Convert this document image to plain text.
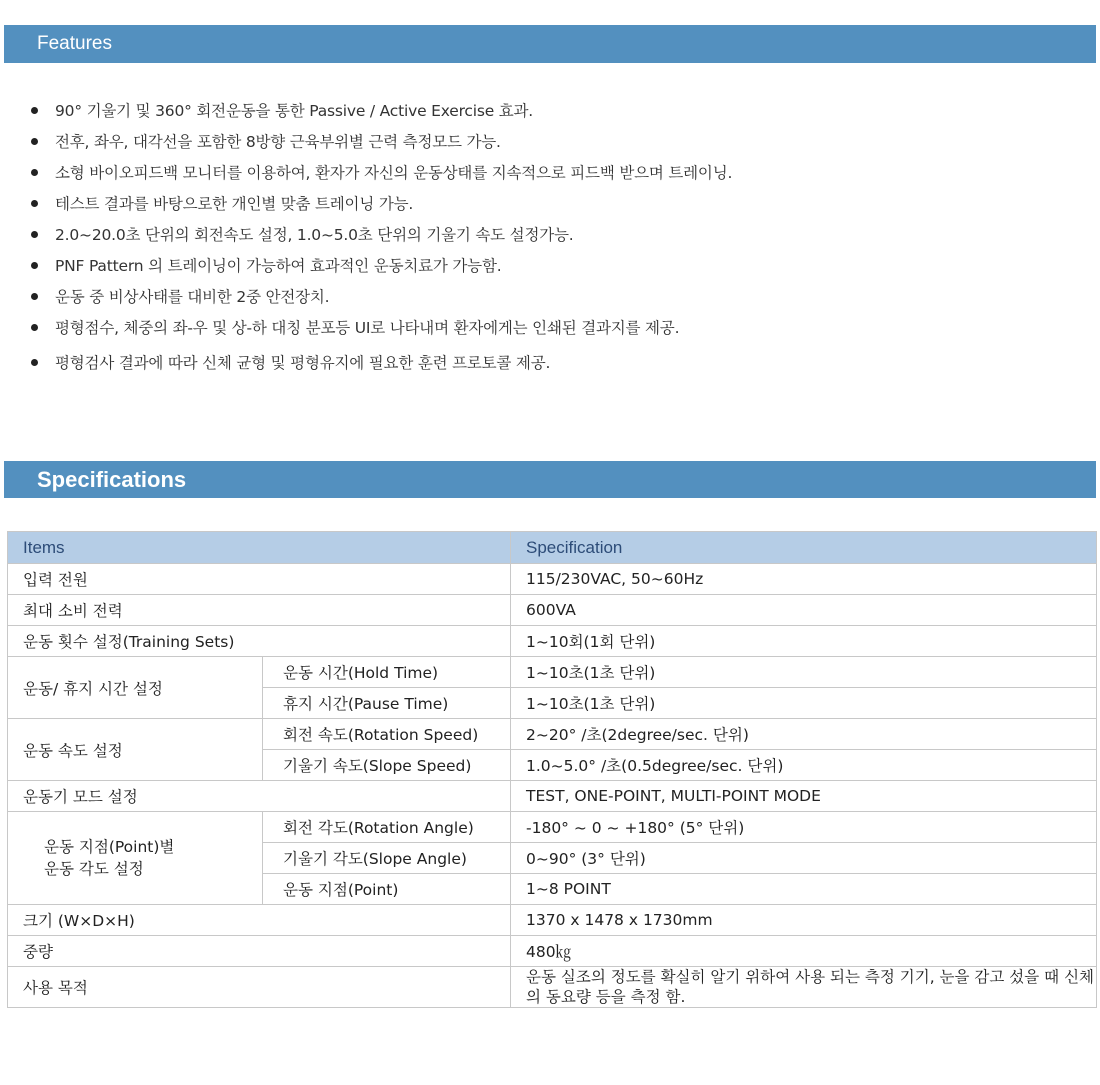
Features
90° 기울기 및 360° 회전운동을 통한 Passive / Active Exercise 효과.
전후, 좌우, 대각선을 포함한 8방향 근육부위별 근력 측정모드 가능.
소형 바이오피드백 모니터를 이용하여, 환자가 자신의 운동상태를 지속적으로 피드백 받으며 트레이닝.
테스트 결과를 바탕으로한 개인별 맞춤 트레이닝 가능.
2.0~20.0초 단위의 회전속도 설정, 1.0~5.0초 단위의 기울기 속도 설정가능.
PNF Pattern 의 트레이닝이 가능하여 효과적인 운동치료가 가능함.
운동 중 비상사태를 대비한 2중 안전장치.
평형점수, 체중의 좌-우 및 상-하 대칭 분포등 UI로 나타내며 환자에게는 인쇄된 결과지를 제공.
평형검사 결과에 따라 신체 균형 및 평형유지에 필요한 훈련 프로토콜 제공.
Specifications
Items		Specification
입력 전원		115/230VAC, 50~60Hz
최대 소비 전력		600VA
운동 횟수 설정(Training Sets)		1~10회(1회 단위)
운동/ 휴지 시간 설정	운동 시간(Hold Time)	1~10초(1초 단위)
	휴지 시간(Pause Time)	1~10초(1초 단위)
운동 속도 설정	회전 속도(Rotation Speed)	2~20° /초(2degree/sec. 단위)
	기울기 속도(Slope Speed)	1.0~5.0° /초(0.5degree/sec. 단위)
운동기 모드 설정		TEST, ONE-POINT, MULTI-POINT MODE

운동 지점(Point)별
운동 각도 설정	회전 각도(Rotation Angle)	-180° ~ 0 ~ +180° (5° 단위)
	기울기 각도(Slope Angle)	0~90° (3° 단위)
	운동 지점(Point)	1~8 POINT
크기 (W×D×H)		1370 x 1478 x 1730mm
중량		480㎏
사용 목적		운동 실조의 정도를 확실히 알기 위하여 사용 되는 측정 기기, 눈을 감고 섰을 때 신체의 동요량 등을 측정 함.
